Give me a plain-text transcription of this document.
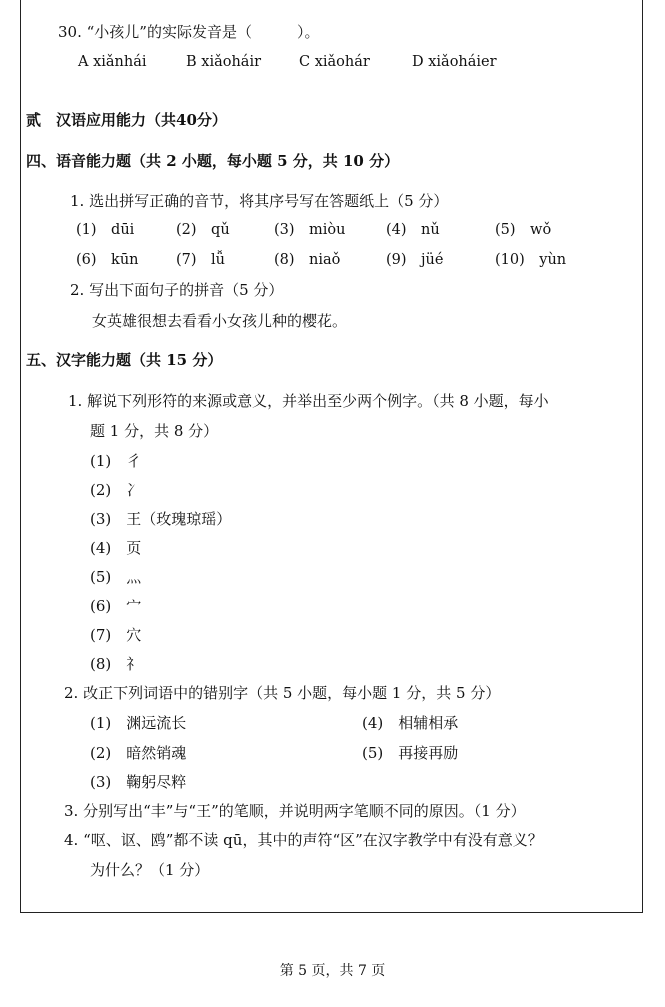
30. “小孩儿”的实际发音是（　　　）。
A xiǎnhái	B xiǎoháir	C xiǎohár	D xiǎoháier
贰　汉语应用能力（共40分）
四、语音能力题（共 2 小题，每小题 5 分，共 10 分）
1. 选出拼写正确的音节，将其序号写在答题纸上（5 分）
(1)　dūi	(2)　qǔ	(3)　miòu	(4)　nǔ	(5)　wǒ
(6)　kūn	(7)　lǚ	(8)　niaǒ	(9)　jüé	(10)　yùn
2. 写出下面句子的拼音（5 分）
女英雄很想去看看小女孩儿种的樱花。
五、汉字能力题（共 15 分）
1. 解说下列形符的来源或意义，并举出至少两个例字。（共 8 小题，每小
题 1 分，共 8 分）
(1)　彳
(2)　冫
(3)　王（玫瑰琼瑶）
(4)　页
(5)　灬
(6)　宀
(7)　穴
(8)　礻
2. 改正下列词语中的错别字（共 5 小题，每小题 1 分，共 5 分）
(1)　渊远流长	(4)　相辅相承
(2)　暗然销魂	(5)　再接再励
(3)　鞠躬尽粹
3. 分别写出“丰”与“王”的笔顺，并说明两字笔顺不同的原因。（1 分）
4. “呕、讴、鸥”都不读 qū，其中的声符“区”在汉字教学中有没有意义？
为什么？（1 分）
第 5 页，共 7 页
